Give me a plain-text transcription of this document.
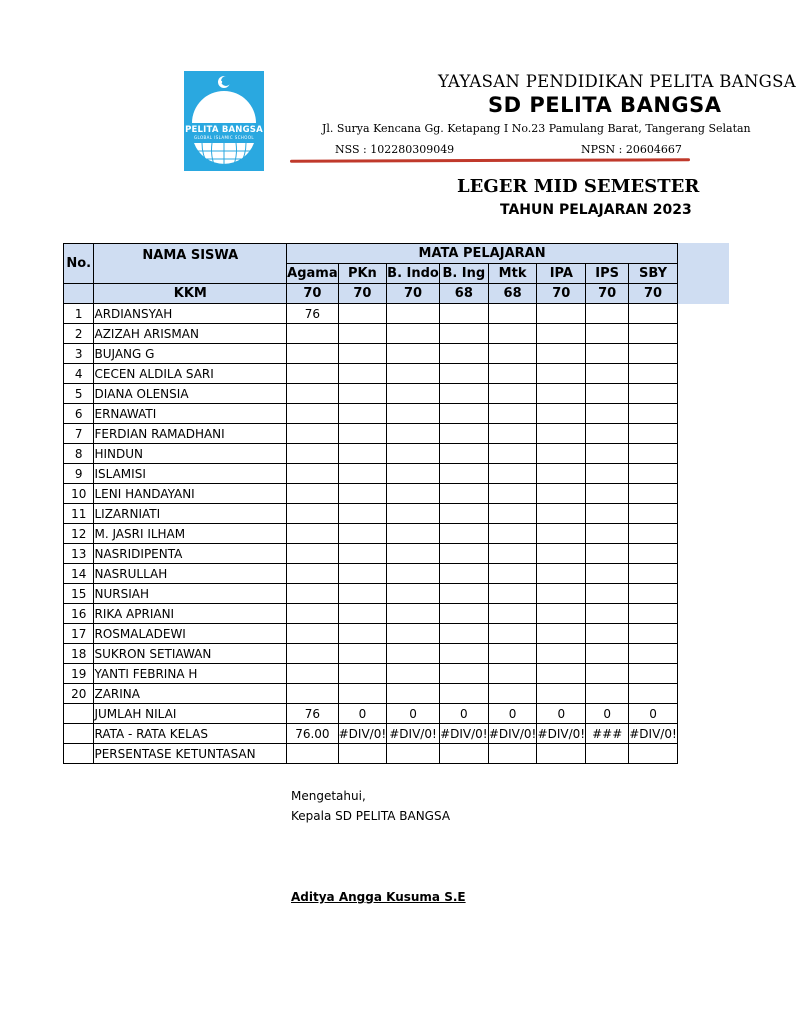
PELITA BANGSA
GLOBAL ISLAMIC SCHOOL
YAYASAN PENDIDIKAN PELITA BANGSA
SD PELITA BANGSA
Jl. Surya Kencana Gg. Ketapang I No.23 Pamulang Barat, Tangerang Selatan
NSS : 102280309049	NPSN : 20604667
LEGER MID SEMESTER
TAHUN PELAJARAN 2023
No.	NAMA SISWA	MATA PELAJARAN							
		Agama	PKn	B. Indo	B. Ing	Mtk	IPA	IPS	SBY
	KKM	70	70	70	68	68	70	70	70
1	ARDIANSYAH	76							
2	AZIZAH ARISMAN								
3	BUJANG G								
4	CECEN ALDILA SARI								
5	DIANA OLENSIA								
6	ERNAWATI								
7	FERDIAN RAMADHANI								
8	HINDUN								
9	ISLAMISI								
10	LENI HANDAYANI								
11	LIZARNIATI								
12	M. JASRI ILHAM								
13	NASRIDIPENTA								
14	NASRULLAH								
15	NURSIAH								
16	RIKA APRIANI								
17	ROSMALADEWI								
18	SUKRON SETIAWAN								
19	YANTI FEBRINA H								
20	ZARINA								
	JUMLAH NILAI	76	0	0	0	0	0	0	0
	RATA - RATA KELAS	76.00	#DIV/0!	#DIV/0!	#DIV/0!	#DIV/0!	#DIV/0!	###	#DIV/0!
	PERSENTASE KETUNTASAN								
Mengetahui,
Kepala SD PELITA BANGSA
Aditya Angga Kusuma S.E
